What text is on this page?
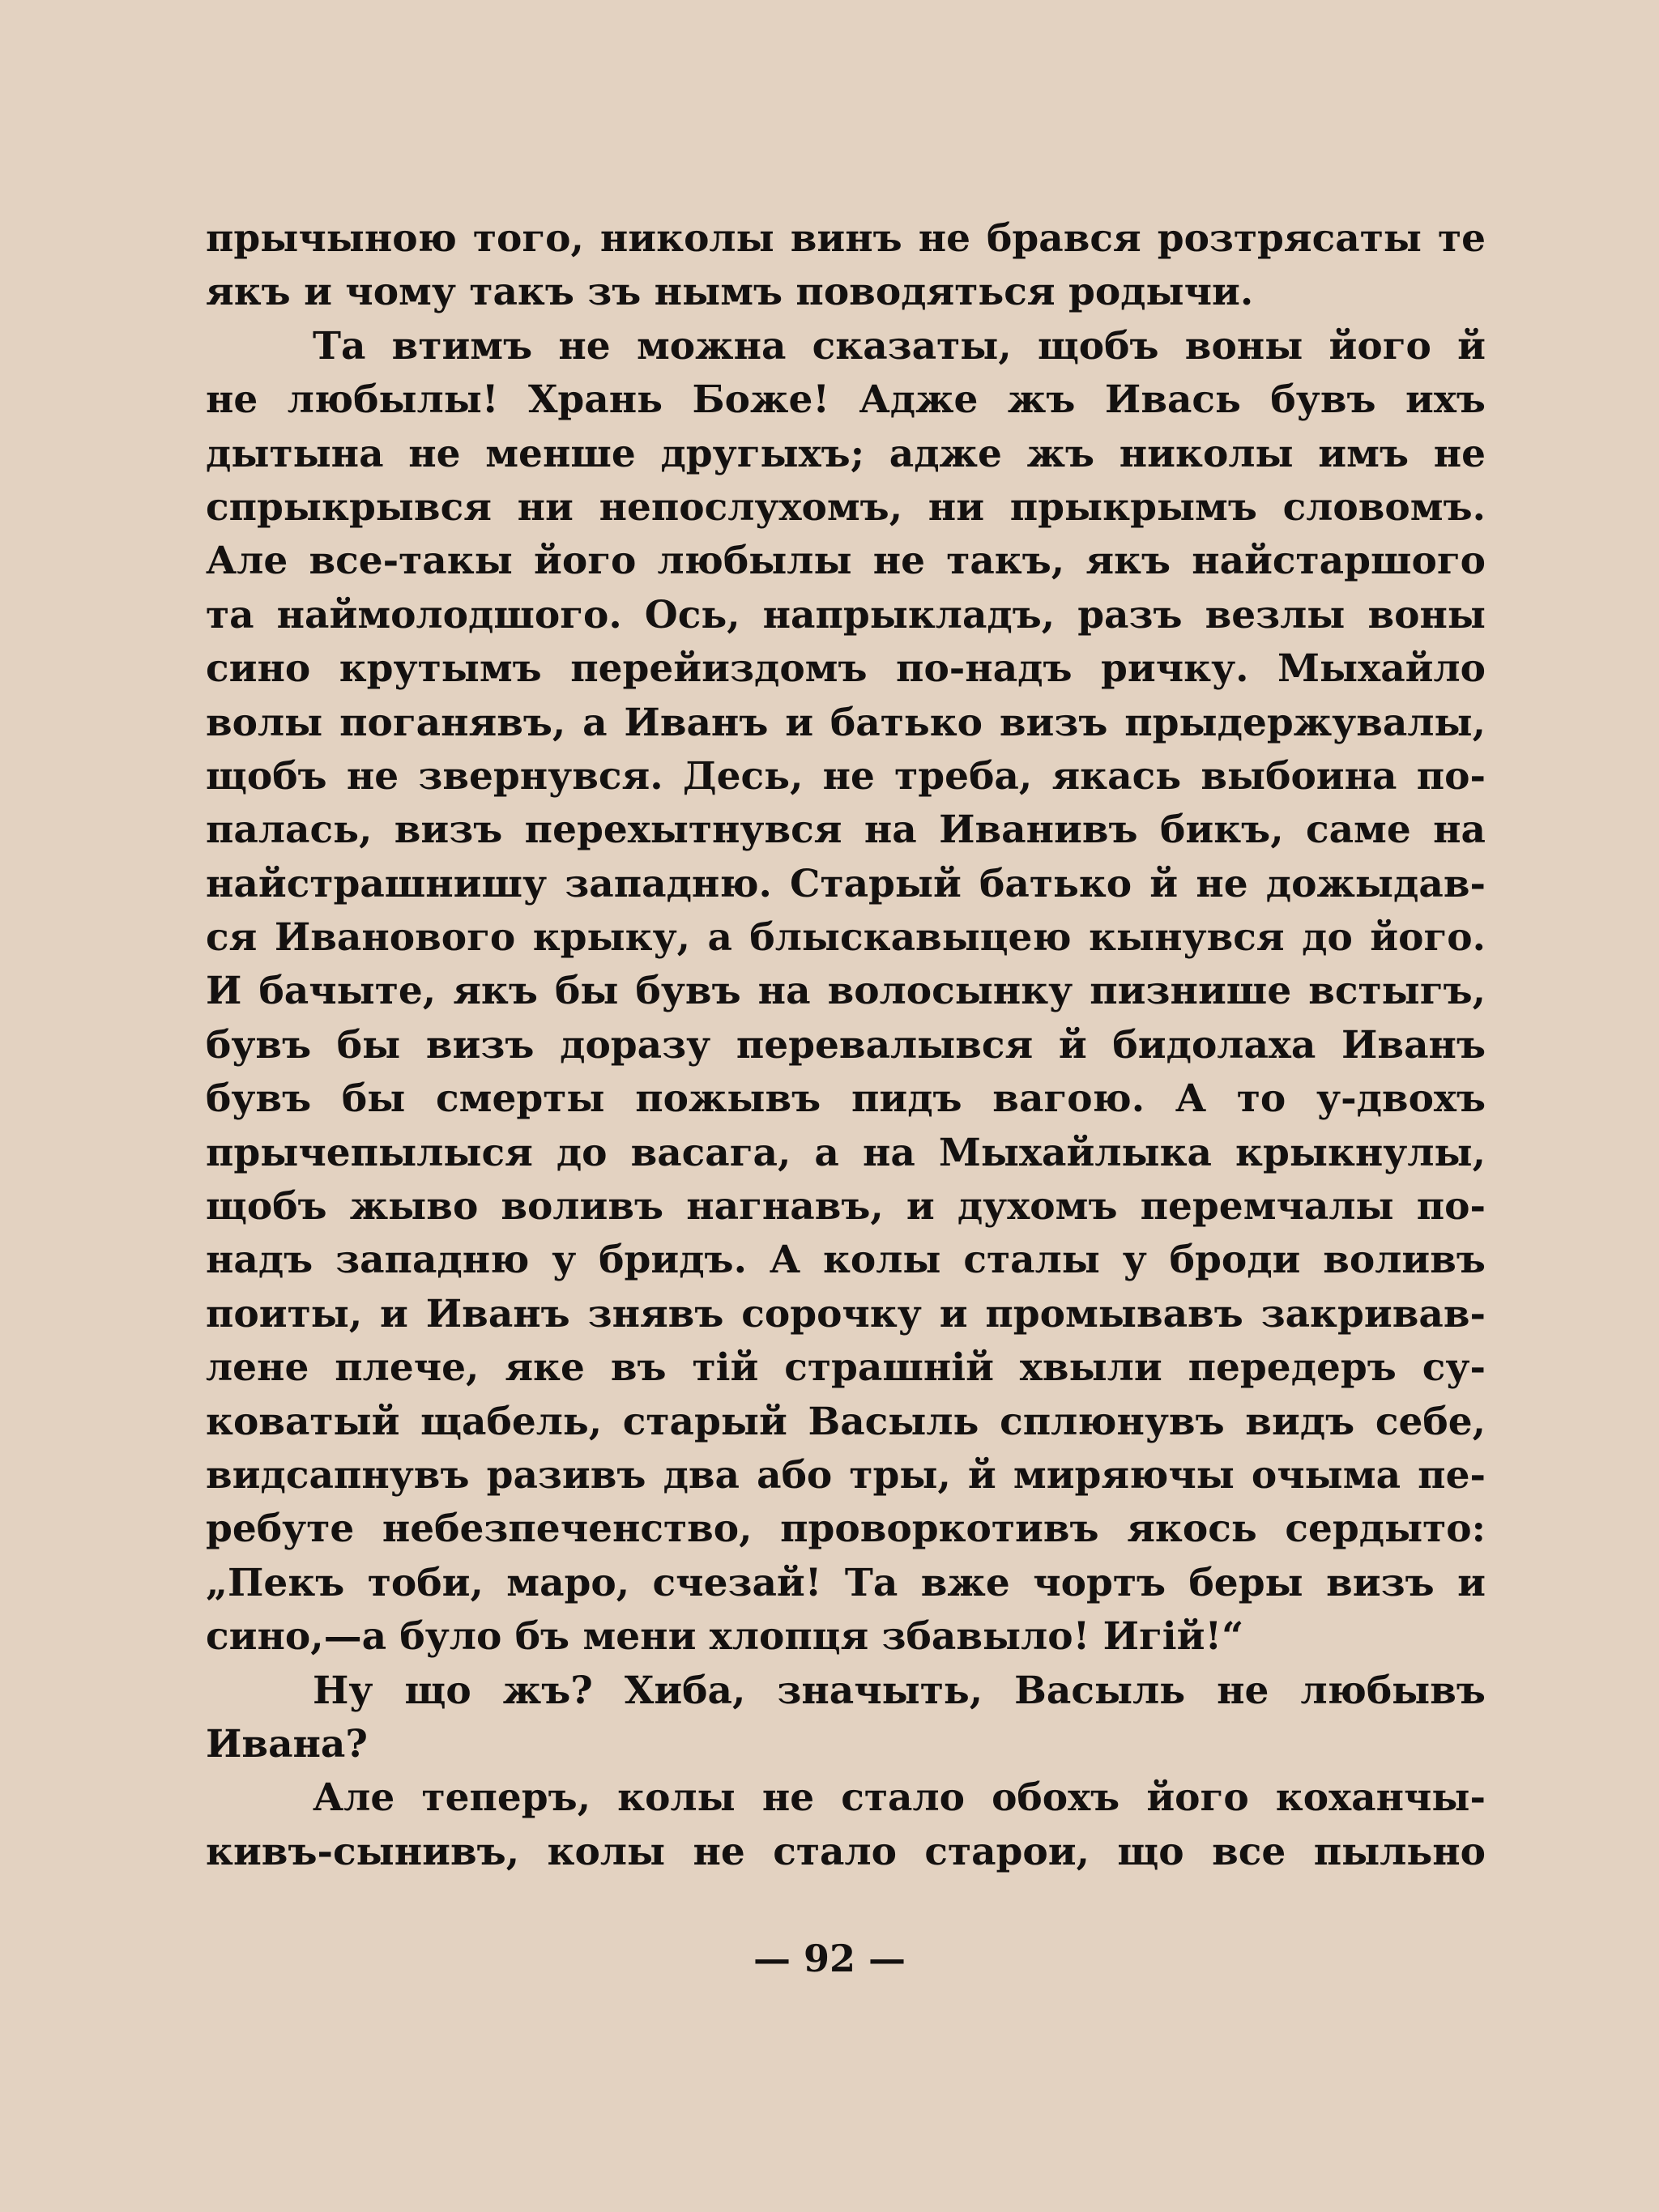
прычыною того, николы винъ не брався розтрясаты те
якъ и чому такъ зъ нымъ поводяться родычи.
Та втимъ не можна сказаты, щобъ воны його й
не любылы! Хрань Боже! Адже жъ Ивась бувъ ихъ
дытына не менше другыхъ; адже жъ николы имъ не
спрыкрывся ни непослухомъ, ни прыкрымъ словомъ.
Але все-такы його любылы не такъ, якъ найстаршого
та наймолодшого. Ось, напрыкладъ, разъ везлы воны
сино крутымъ перейиздомъ по-надъ ричку. Мыхайло
волы поганявъ, а Иванъ и батько визъ прыдержувалы,
щобъ не звернувся. Десь, не треба, якась выбоина по-
палась, визъ перехытнувся на Иванивъ бикъ, саме на
найстрашнишу западню. Старый батько й не дожыдав-
ся Иванового крыку, а блыскавыцею кынувся до його.
И бачыте, якъ бы бувъ на волосынку пизнише встыгъ,
бувъ бы визъ доразу перевалывся й бидолаха Иванъ
бувъ бы смерты пожывъ пидъ вагою. А то у-двохъ
прычепылыся до васага, а на Мыхайлыка крыкнулы,
щобъ жыво воливъ нагнавъ, и духомъ перемчалы по-
надъ западню у бридъ. А колы сталы у броди воливъ
поиты, и Иванъ знявъ сорочку и промывавъ закривав-
лене плече, яке въ тій страшній хвыли передеръ су-
коватый щабель, старый Васыль сплюнувъ видъ себе,
видсапнувъ разивъ два або тры, й миряючы очыма пе-
ребуте небезпеченство, проворкотивъ якось сердыто:
„Пекъ тоби, маро, счезай! Та вже чортъ беры визъ и
сино,—а було бъ мени хлопця збавыло! Игій!“
Ну що жъ? Хиба, значыть, Васыль не любывъ
Ивана?
Але теперъ, колы не стало обохъ його коханчы-
кивъ-сынивъ, колы не стало старои, що все пыльно
— 92 —
